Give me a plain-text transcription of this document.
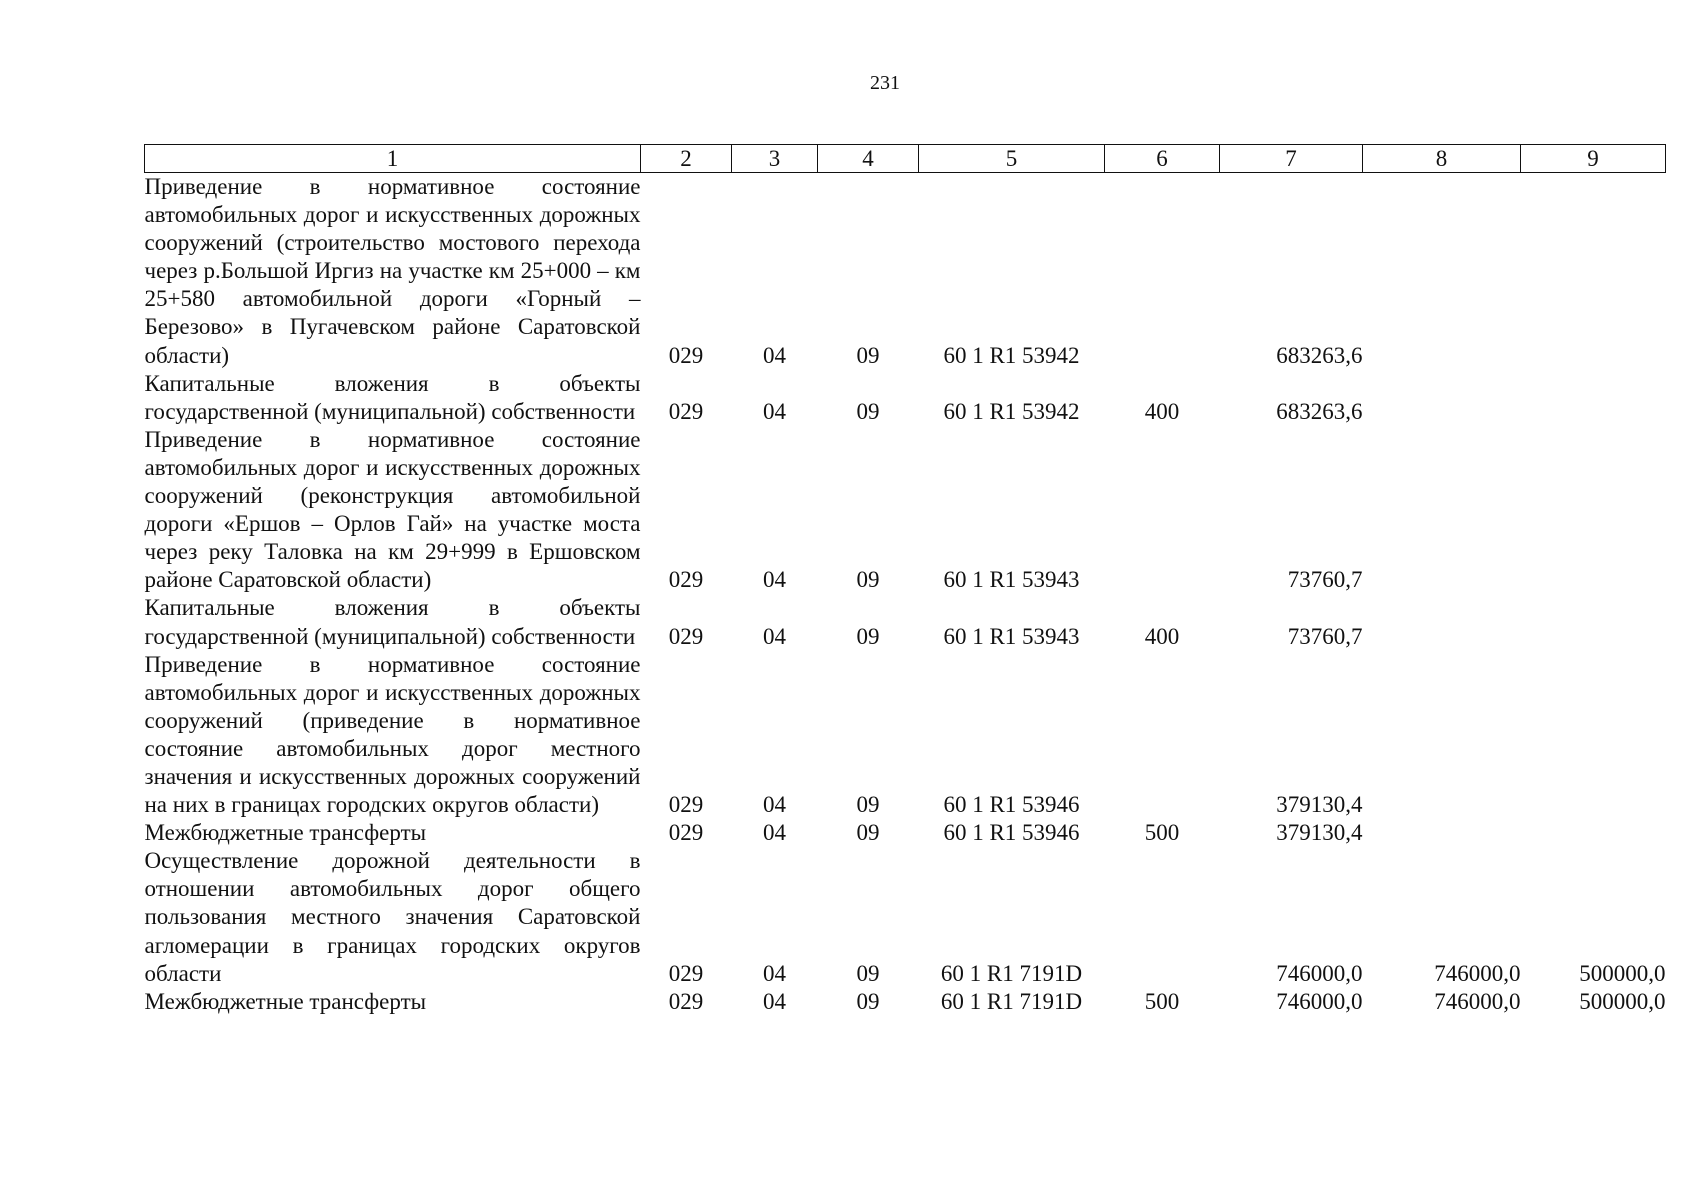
231
1	2	3	4	5	6	7	8	9
Приведение в нормативное состояние автомобильных дорог и искусственных дорожных сооружений (строительство мостового перехода через р.Большой Иргиз на участке км 25+000 – км 25+580 автомобильной дороги «Горный – Березово» в Пугачевском районе Саратовской области)	029	04	09	60 1 R1 53942		683263,6		
Капитальные вложения в объекты государственной (муниципальной) собственности	029	04	09	60 1 R1 53942	400	683263,6		
Приведение в нормативное состояние автомобильных дорог и искусственных дорожных сооружений (реконструкция автомобильной дороги «Ершов – Орлов Гай» на участке моста через реку Таловка на км 29+999 в Ершовском районе Саратовской области)	029	04	09	60 1 R1 53943		73760,7		
Капитальные вложения в объекты государственной (муниципальной) собственности	029	04	09	60 1 R1 53943	400	73760,7		
Приведение в нормативное состояние автомобильных дорог и искусственных дорожных сооружений (приведение в нормативное состояние автомобильных дорог местного значения и искусственных дорожных сооружений на них в границах городских округов области)	029	04	09	60 1 R1 53946		379130,4		
Межбюджетные трансферты	029	04	09	60 1 R1 53946	500	379130,4		
Осуществление дорожной деятельности в отношении автомобильных дорог общего пользования местного значения Саратовской агломерации в границах городских округов области	029	04	09	60 1 R1 7191D		746000,0	746000,0	500000,0
Межбюджетные трансферты	029	04	09	60 1 R1 7191D	500	746000,0	746000,0	500000,0
